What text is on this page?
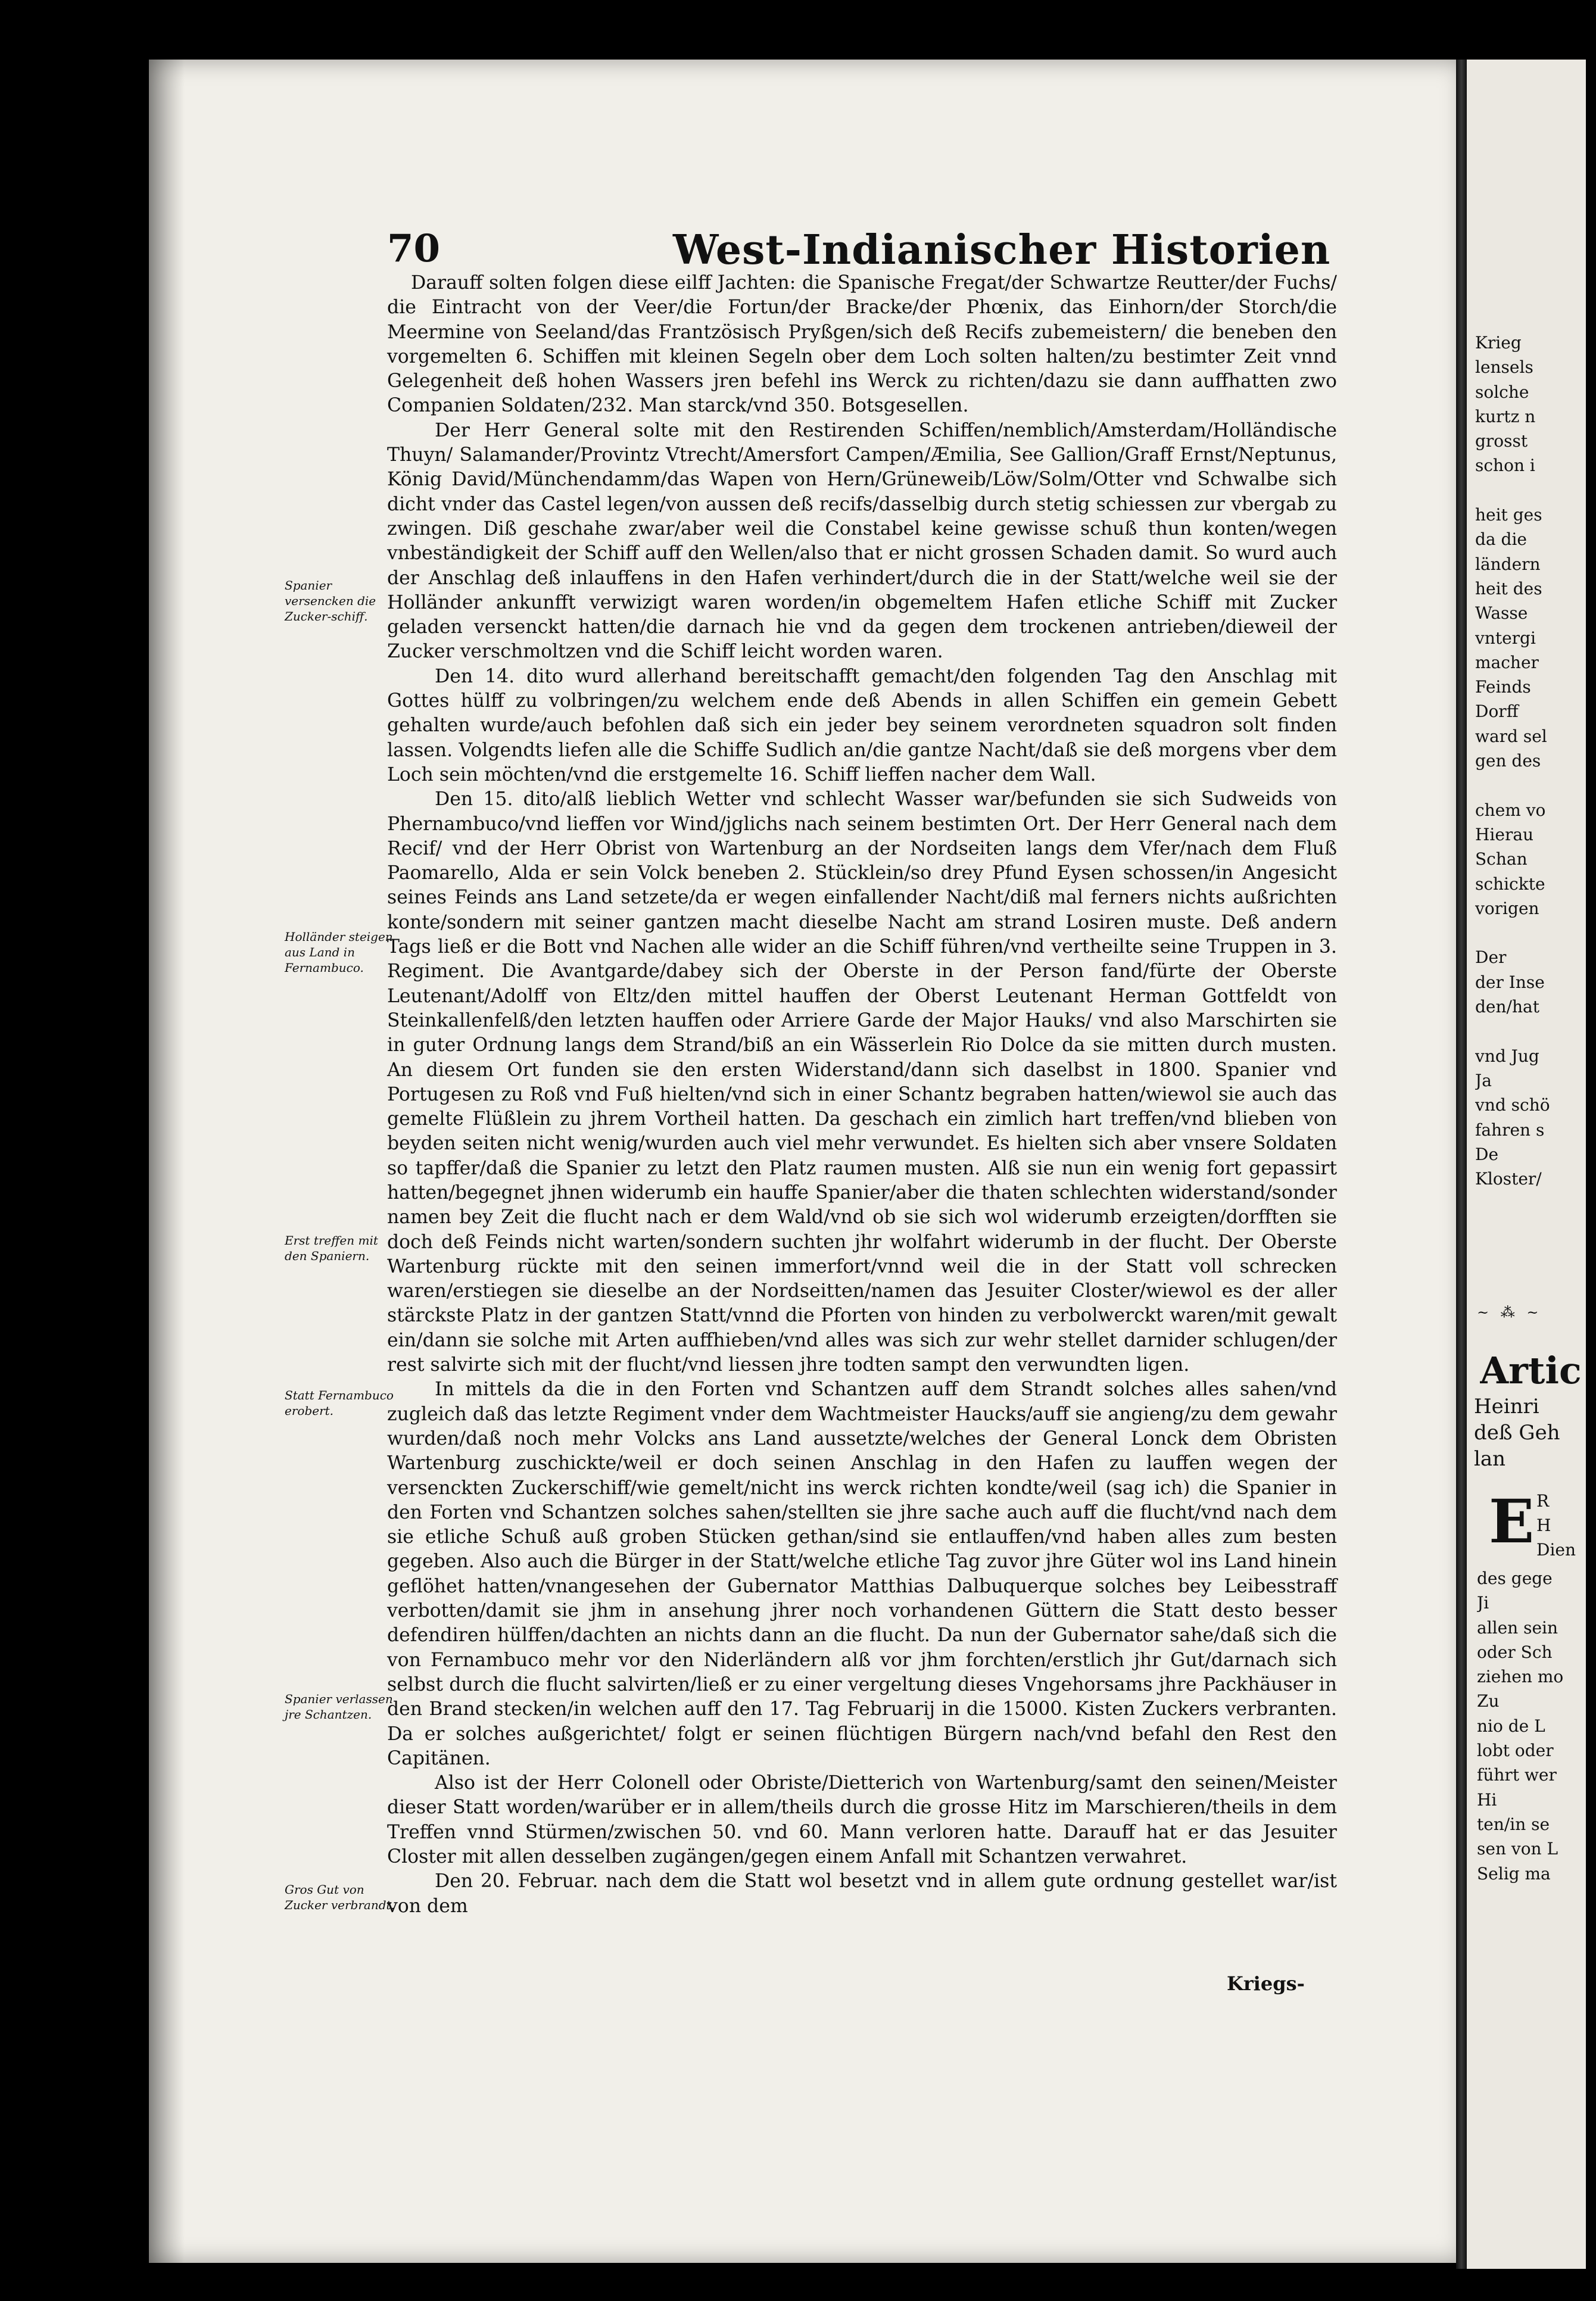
Krieg
lensels
solche
kurtz n
grosst
schon i
heit ges
da die
ländern
heit des
Wasse
vntergi
macher
Feinds
Dorff
ward sel
gen des
chem vo
Hierau
Schan
schickte
vorigen
Der
der Inse
den/hat
vnd Jug
Ja
vnd schö
fahren s
De
Kloster/
~ ⁂ ~
Artic
Heinri
deß Geh
lan
E R
H
Dien
des gege
Ji
allen sein
oder Sch
ziehen mo
Zu
nio de L
lobt oder
führt wer
Hi
ten/in se
sen von L
Selig ma
70	West-Indianischer Historien

Darauff solten folgen diese eilff Jachten: die Spanische Fregat/der Schwartze Reutter/der Fuchs/ die Eintracht von der Veer/die Fortun/der Bracke/der Phœnix, das Einhorn/der Storch/die Meermine von Seeland/das Frantzösisch Pryßgen/sich deß Recifs zubemeistern/ die beneben den vorgemelten 6. Schiffen mit kleinen Segeln ober dem Loch solten halten/zu bestimter Zeit vnnd Gelegenheit deß hohen Wassers jren befehl ins Werck zu richten/dazu sie dann auffhatten zwo Companien Soldaten/232. Man starck/vnd 350. Botsgesellen.

Der Herr General solte mit den Restirenden Schiffen/nemblich/Amsterdam/Holländische Thuyn/ Salamander/Provintz Vtrecht/Amersfort Campen/Æmilia, See Gallion/Graff Ernst/Neptunus, König David/Münchendamm/das Wapen von Hern/Grüneweib/Löw/Solm/Otter vnd Schwalbe sich dicht vnder das Castel legen/von aussen deß recifs/dasselbig durch stetig schiessen zur vbergab zu zwingen. Diß geschahe zwar/aber weil die Constabel keine gewisse schuß thun konten/wegen vnbeständigkeit der Schiff auff den Wellen/also that er nicht grossen Schaden damit. So wurd auch der Anschlag deß inlauffens in den Hafen verhindert/durch die in der Statt/welche weil sie der Holländer ankunfft verwizigt waren worden/in obgemeltem Hafen etliche Schiff mit Zucker geladen versenckt hatten/die darnach hie vnd da gegen dem trockenen antrieben/dieweil der Zucker verschmoltzen vnd die Schiff leicht worden waren.

Den 14. dito wurd allerhand bereitschafft gemacht/den folgenden Tag den Anschlag mit Gottes hülff zu volbringen/zu welchem ende deß Abends in allen Schiffen ein gemein Gebett gehalten wurde/auch befohlen daß sich ein jeder bey seinem verordneten squadron solt finden lassen. Volgendts liefen alle die Schiffe Sudlich an/die gantze Nacht/daß sie deß morgens vber dem Loch sein möchten/vnd die erstgemelte 16. Schiff lieffen nacher dem Wall.

Den 15. dito/alß lieblich Wetter vnd schlecht Wasser war/befunden sie sich Sudweids von Phernambuco/vnd lieffen vor Wind/jglichs nach seinem bestimten Ort. Der Herr General nach dem Recif/ vnd der Herr Obrist von Wartenburg an der Nordseiten langs dem Vfer/nach dem Fluß Paomarello, Alda er sein Volck beneben 2. Stücklein/so drey Pfund Eysen schossen/in Angesicht seines Feinds ans Land setzete/da er wegen einfallender Nacht/diß mal ferners nichts außrichten konte/sondern mit seiner gantzen macht dieselbe Nacht am strand Losiren muste. Deß andern Tags ließ er die Bott vnd Nachen alle wider an die Schiff führen/vnd vertheilte seine Truppen in 3. Regiment. Die Avantgarde/dabey sich der Oberste in der Person fand/fürte der Oberste Leutenant/Adolff von Eltz/den mittel hauffen der Oberst Leutenant Herman Gottfeldt von Steinkallenfelß/den letzten hauffen oder Arriere Garde der Major Hauks/ vnd also Marschirten sie in guter Ordnung langs dem Strand/biß an ein Wässerlein Rio Dolce da sie mitten durch musten. An diesem Ort funden sie den ersten Widerstand/dann sich daselbst in 1800. Spanier vnd Portugesen zu Roß vnd Fuß hielten/vnd sich in einer Schantz begraben hatten/wiewol sie auch das gemelte Flüßlein zu jhrem Vortheil hatten. Da geschach ein zimlich hart treffen/vnd blieben von beyden seiten nicht wenig/wurden auch viel mehr verwundet. Es hielten sich aber vnsere Soldaten so tapffer/daß die Spanier zu letzt den Platz raumen musten. Alß sie nun ein wenig fort gepassirt hatten/begegnet jhnen widerumb ein hauffe Spanier/aber die thaten schlechten widerstand/sonder namen bey Zeit die flucht nach er dem Wald/vnd ob sie sich wol widerumb erzeigten/dorfften sie doch deß Feinds nicht warten/sondern suchten jhr wolfahrt widerumb in der flucht. Der Oberste Wartenburg rückte mit den seinen immerfort/vnnd weil die in der Statt voll schrecken waren/erstiegen sie dieselbe an der Nordseitten/namen das Jesuiter Closter/wiewol es der aller stärckste Platz in der gantzen Statt/vnnd die Pforten von hinden zu verbolwerckt waren/mit gewalt ein/dann sie solche mit Arten auffhieben/vnd alles was sich zur wehr stellet darnider schlugen/der rest salvirte sich mit der flucht/vnd liessen jhre todten sampt den verwundten ligen.

In mittels da die in den Forten vnd Schantzen auff dem Strandt solches alles sahen/vnd zugleich daß das letzte Regiment vnder dem Wachtmeister Haucks/auff sie angieng/zu dem gewahr wurden/daß noch mehr Volcks ans Land aussetzte/welches der General Lonck dem Obristen Wartenburg zuschickte/weil er doch seinen Anschlag in den Hafen zu lauffen wegen der versenckten Zuckerschiff/wie gemelt/nicht ins werck richten kondte/weil (sag ich) die Spanier in den Forten vnd Schantzen solches sahen/stellten sie jhre sache auch auff die flucht/vnd nach dem sie etliche Schuß auß groben Stücken gethan/sind sie entlauffen/vnd haben alles zum besten gegeben. Also auch die Bürger in der Statt/welche etliche Tag zuvor jhre Güter wol ins Land hinein geflöhet hatten/vnangesehen der Gubernator Matthias Dalbuquerque solches bey Leibesstraff verbotten/damit sie jhm in ansehung jhrer noch vorhandenen Güttern die Statt desto besser defendiren hülffen/dachten an nichts dann an die flucht. Da nun der Gubernator sahe/daß sich die von Fernambuco mehr vor den Niderländern alß vor jhm forchten/erstlich jhr Gut/darnach sich selbst durch die flucht salvirten/ließ er zu einer vergeltung dieses Vngehorsams jhre Packhäuser in den Brand stecken/in welchen auff den 17. Tag Februarij in die 15000. Kisten Zuckers verbranten. Da er solches außgerichtet/ folgt er seinen flüchtigen Bürgern nach/vnd befahl den Rest den Capitänen.

Also ist der Herr Colonell oder Obriste/Dietterich von Wartenburg/samt den seinen/Meister dieser Statt worden/warüber er in allem/theils durch die grosse Hitz im Marschieren/theils in dem Treffen vnnd Stürmen/zwischen 50. vnd 60. Mann verloren hatte. Darauff hat er das Jesuiter Closter mit allen desselben zugängen/gegen einem Anfall mit Schantzen verwahret.

Den 20. Februar. nach dem die Statt wol besetzt vnd in allem gute ordnung gestellet war/ist von dem

Kriegs-
Spanier versencken die Zucker-schiff.
Holländer steigen aus Land in Fernambuco.
Erst treffen mit den Spaniern.
Statt Fernambuco erobert.
Spanier verlassen jre Schantzen.
Gros Gut von Zucker verbrandt.
